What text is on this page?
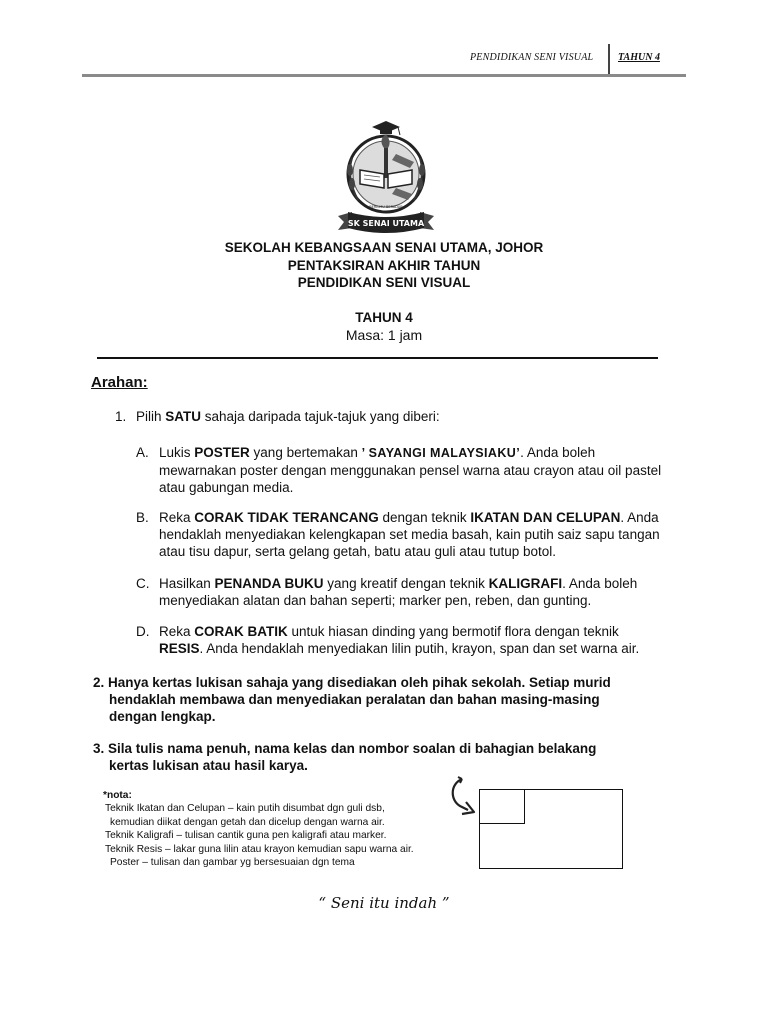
PENDIDIKAN SENI VISUAL TAHUN 4
BERILMU BERADAB
SK SENAI UTAMA
SEKOLAH KEBANGSAAN SENAI UTAMA, JOHOR
PENTAKSIRAN AKHIR TAHUN
PENDIDIKAN SENI VISUAL
TAHUN 4
Masa: 1 jam
Arahan:
1. Pilih SATU sahaja daripada tajuk-tajuk yang diberi:
A. Lukis POSTER yang bertemakan ’ SAYANGI MALAYSIAKU’. Anda boleh
mewarnakan poster dengan menggunakan pensel warna atau crayon atau oil pastel
atau gabungan media.
B. Reka CORAK TIDAK TERANCANG dengan teknik IKATAN DAN CELUPAN. Anda
hendaklah menyediakan kelengkapan set media basah, kain putih saiz sapu tangan
atau tisu dapur, serta gelang getah, batu atau guli atau tutup botol.
C. Hasilkan PENANDA BUKU yang kreatif dengan teknik KALIGRAFI. Anda boleh
menyediakan alatan dan bahan seperti; marker pen, reben, dan gunting.
D. Reka CORAK BATIK untuk hiasan dinding yang bermotif flora dengan teknik
RESIS. Anda hendaklah menyediakan lilin putih, krayon, span dan set warna air.
2. Hanya kertas lukisan sahaja yang disediakan oleh pihak sekolah. Setiap murid
hendaklah membawa dan menyediakan peralatan dan bahan masing-masing
dengan lengkap.
3. Sila tulis nama penuh, nama kelas dan nombor soalan di bahagian belakang
kertas lukisan atau hasil karya.
*nota:
Teknik Ikatan dan Celupan – kain putih disumbat dgn guli dsb,
kemudian diikat dengan getah dan dicelup dengan warna air.
Teknik Kaligrafi – tulisan cantik guna pen kaligrafi atau marker.
Teknik Resis – lakar guna lilin atau krayon kemudian sapu warna air.
Poster – tulisan dan gambar yg bersesuaian dgn tema
“ Seni itu indah ”
